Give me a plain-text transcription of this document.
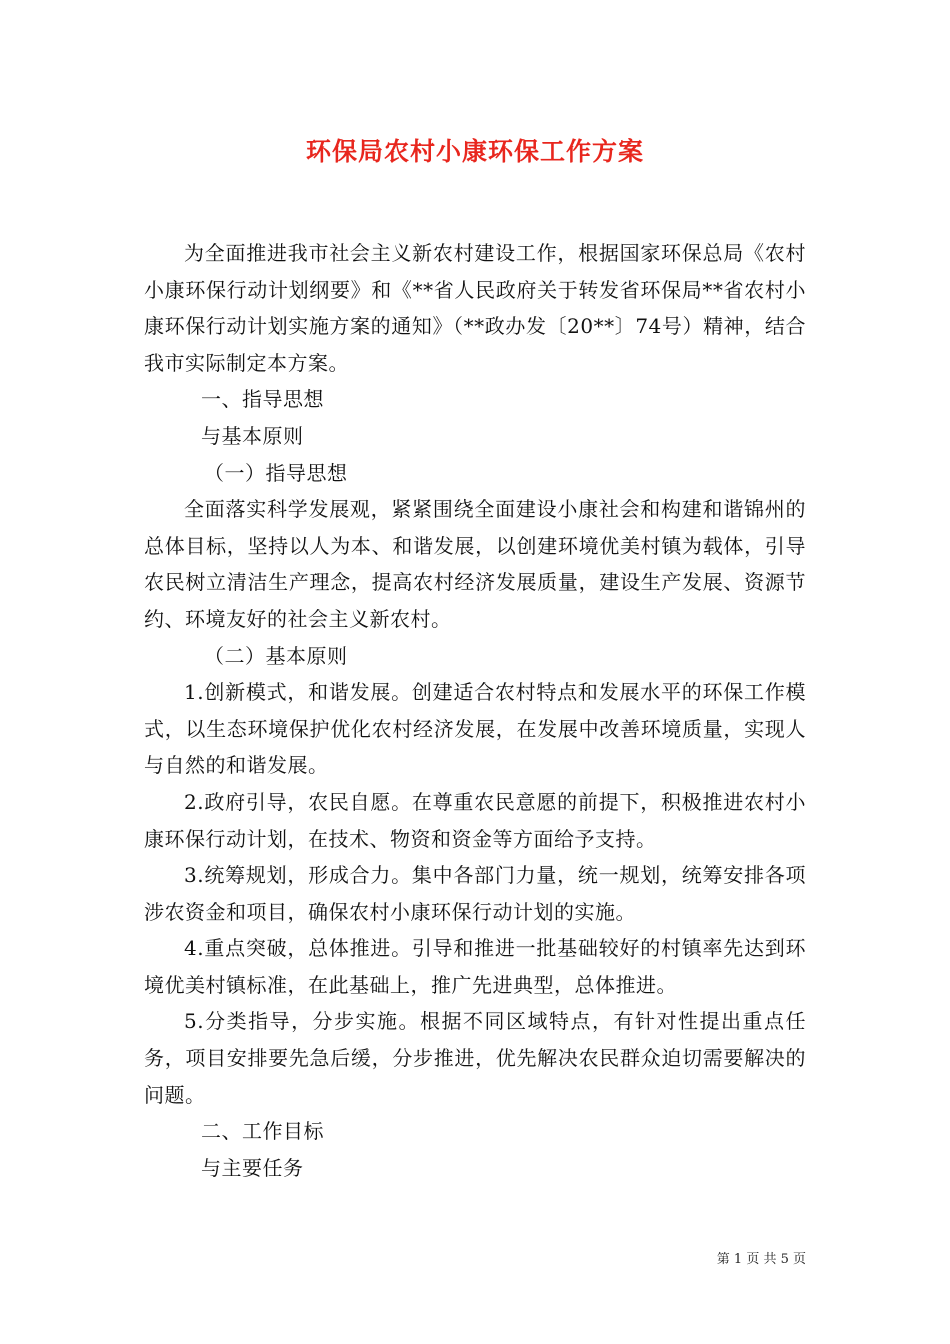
环保局农村小康环保工作方案

为全面推进我市社会主义新农村建设工作，根据国家环保总局《农村小康环保行动计划纲要》和《**省人民政府关于转发省环保局**省农村小康环保行动计划实施方案的通知》（**政办发〔20**〕74号）精神，结合我市实际制定本方案。

一、指导思想

与基本原则

（一）指导思想

全面落实科学发展观，紧紧围绕全面建设小康社会和构建和谐锦州的总体目标，坚持以人为本、和谐发展，以创建环境优美村镇为载体，引导农民树立清洁生产理念，提高农村经济发展质量，建设生产发展、资源节约、环境友好的社会主义新农村。

（二）基本原则

1.创新模式，和谐发展。创建适合农村特点和发展水平的环保工作模式，以生态环境保护优化农村经济发展，在发展中改善环境质量，实现人与自然的和谐发展。

2.政府引导，农民自愿。在尊重农民意愿的前提下，积极推进农村小康环保行动计划，在技术、物资和资金等方面给予支持。

3.统筹规划，形成合力。集中各部门力量，统一规划，统筹安排各项涉农资金和项目，确保农村小康环保行动计划的实施。

4.重点突破，总体推进。引导和推进一批基础较好的村镇率先达到环境优美村镇标准，在此基础上，推广先进典型，总体推进。

5.分类指导，分步实施。根据不同区域特点，有针对性提出重点任务，项目安排要先急后缓，分步推进，优先解决农民群众迫切需要解决的问题。

二、工作目标

与主要任务

第 1 页 共 5 页
